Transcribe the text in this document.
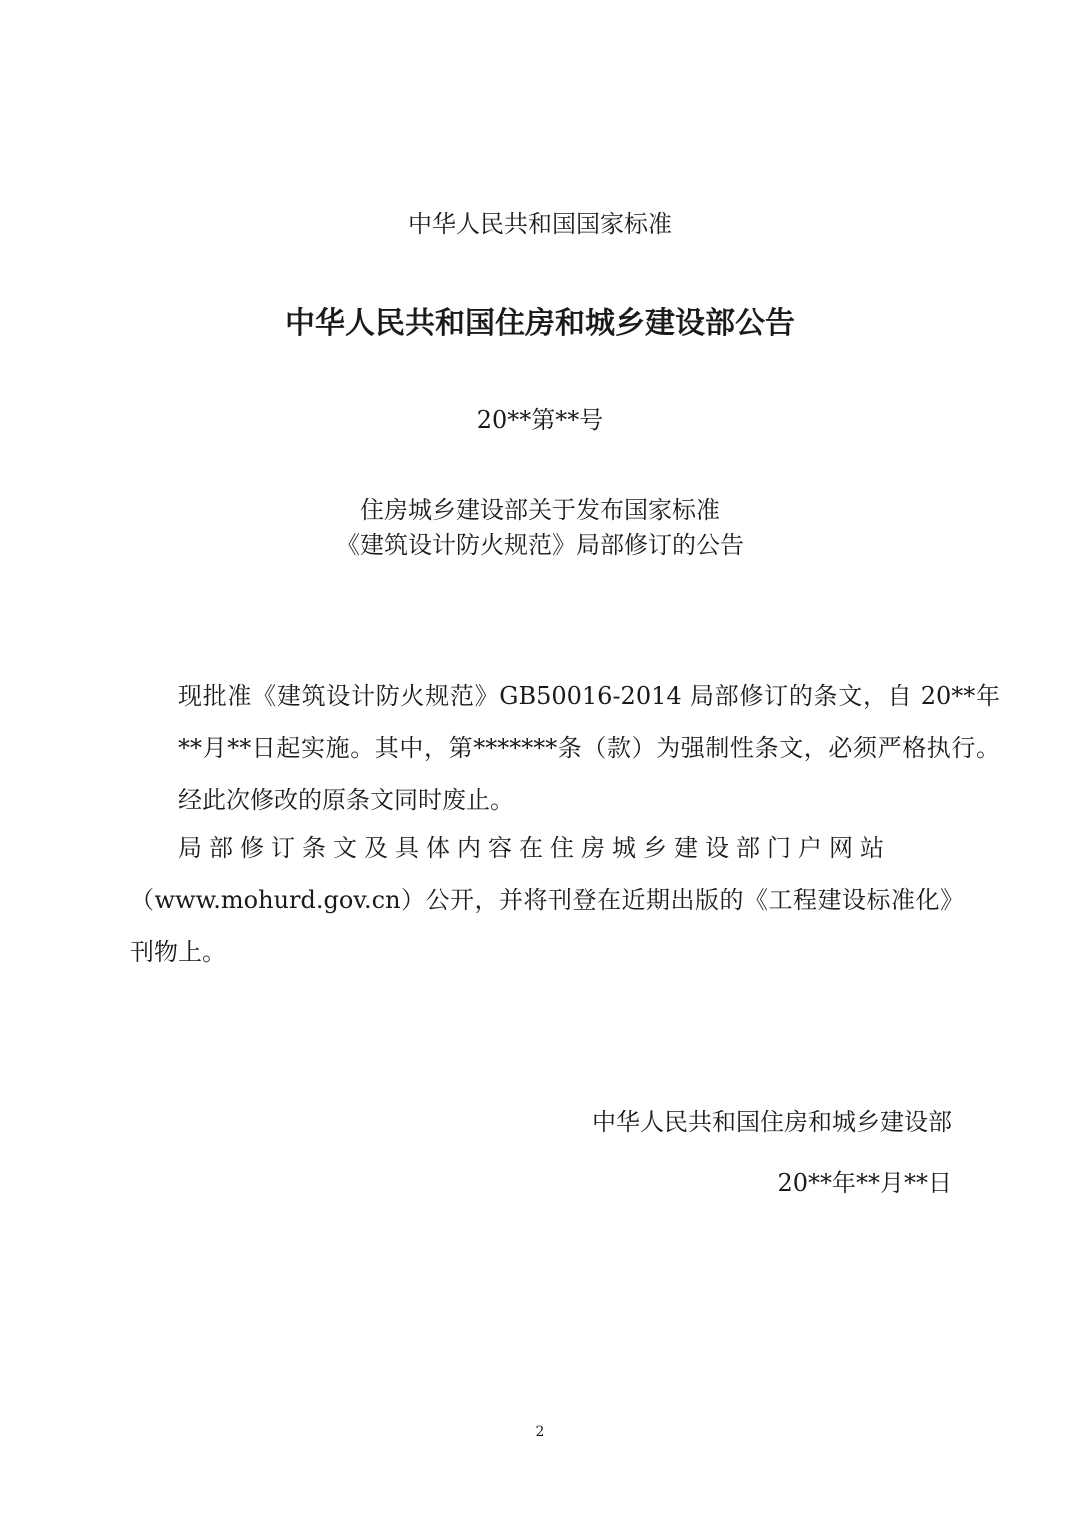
中华人民共和国国家标准
中华人民共和国住房和城乡建设部公告
20**第**号
住房城乡建设部关于发布国家标准
《建筑设计防火规范》局部修订的公告

现批准《建筑设计防火规范》GB50016-2014 局部修订的条文，自 20**年**月**日起实施。其中，第*******条（款）为强制性条文，必须严格执行。经此次修改的原条文同时废止。

局部修订条文及具体内容在住房城乡建设部门户网站
（www.mohurd.gov.cn）公开，并将刊登在近期出版的《工程建设标准化》刊物上。
中华人民共和国住房和城乡建设部
20**年**月**日
2
